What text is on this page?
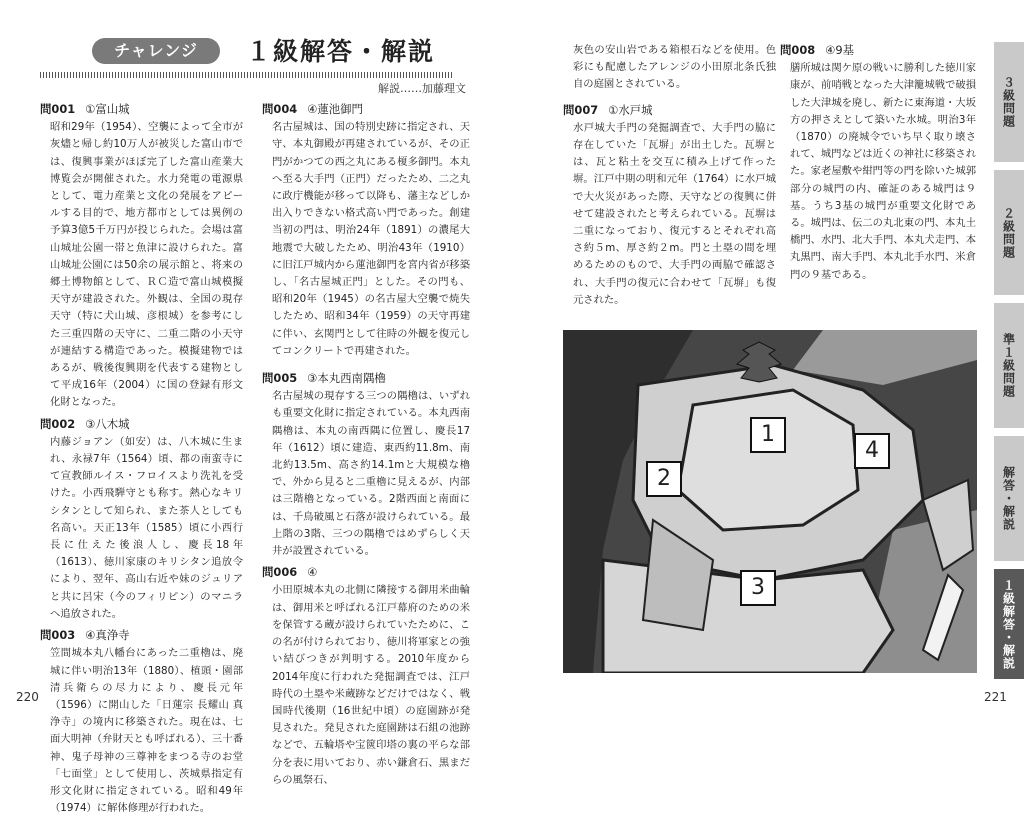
チャレンジ	１級解答・解説
解説……加藤理文
問001 ①富山城
昭和29年（1954）、空襲によって全市が灰燼と帰し約10万人が被災した富山市では、復興事業がほぼ完了した富山産業大博覧会が開催された。水力発電の電源県として、電力産業と文化の発展をアピールする目的で、地方都市としては異例の予算3億5千万円が投じられた。会場は富山城址公園一帯と魚津に設けられた。富山城址公園には50余の展示館と、将来の郷土博物館として、ＲＣ造で富山城模擬天守が建設された。外観は、全国の現存天守（特に犬山城、彦根城）を参考にした三重四階の天守に、二重二階の小天守が連結する構造であった。模擬建物ではあるが、戦後復興期を代表する建物として平成16年（2004）に国の登録有形文化財となった。
問002 ③八木城
内藤ジョアン（如安）は、八木城に生まれ、永禄7年（1564）頃、都の南蛮寺にて宣教師ルイス・フロイスより洗礼を受けた。小西飛騨守とも称す。熱心なキリシタンとして知られ、また茶人としても名高い。天正13年（1585）頃に小西行長に仕えた後浪人し、慶長18年（1613）、徳川家康のキリシタン追放令により、翌年、高山右近や妹のジュリアと共に呂宋（今のフィリピン）のマニラへ追放された。
問003 ④真浄寺
笠間城本丸八幡台にあった二重櫓は、廃城に伴い明治13年（1880）、植頭・園部清兵衛らの尽力により、慶長元年（1596）に開山した「日蓮宗 長耀山 真浄寺」の境内に移築された。現在は、七面大明神（弁財天とも呼ばれる）、三十番神、鬼子母神の三尊神をまつる寺のお堂「七面堂」として使用し、茨城県指定有形文化財に指定されている。昭和49年（1974）に解体修理が行われた。
問004 ④蓮池御門
名古屋城は、国の特別史跡に指定され、天守、本丸御殿が再建されているが、その正門がかつての西之丸にある榎多御門。本丸へ至る大手門（正門）だったため、二之丸に政庁機能が移って以降も、藩主などしか出入りできない格式高い門であった。創建当初の門は、明治24年（1891）の濃尾大地震で大破したため、明治43年（1910）に旧江戸城内から蓮池御門を宮内省が移築し、「名古屋城正門」とした。その門も、昭和20年（1945）の名古屋大空襲で焼失したため、昭和34年（1959）の天守再建に伴い、玄関門として往時の外観を復元してコンクリートで再建された。
問005 ③本丸西南隅櫓
名古屋城の現存する三つの隅櫓は、いずれも重要文化財に指定されている。本丸西南隅櫓は、本丸の南西隅に位置し、慶長17年（1612）頃に建造、東西約11.8m、南北約13.5m、高さ約14.1mと大規模な櫓で、外から見ると二重櫓に見えるが、内部は三階櫓となっている。2階西面と南面には、千鳥破風と石落が設けられている。最上階の3階、三つの隅櫓ではめずらしく天井が設置されている。
問006 ④
小田原城本丸の北側に隣接する御用米曲輪は、御用米と呼ばれる江戸幕府のための米を保管する蔵が設けられていたために、この名が付けられており、徳川将軍家との強い結びつきが判明する。2010年度から2014年度に行われた発掘調査では、江戸時代の土塁や米蔵跡などだけではなく、戦国時代後期（16世紀中頃）の庭園跡が発見された。発見された庭園跡は石組の池跡などで、五輪塔や宝篋印塔の裏の平らな部分を表に用いており、赤い鎌倉石、黒まだらの風祭石、
灰色の安山岩である箱根石などを使用。色彩にも配慮したアレンジの小田原北条氏独自の庭園とされている。
問007 ①水戸城
水戸城大手門の発掘調査で、大手門の脇に存在していた「瓦塀」が出土した。瓦塀とは、瓦と粘土を交互に積み上げて作った塀。江戸中期の明和元年（1764）に水戸城で大火災があった際、天守などの復興に併せて建設されたと考えられている。瓦塀は二重になっており、復元するとそれぞれ高さ約５m、厚さ約２m。門と土塁の間を埋めるためのもので、大手門の両脇で確認され、大手門の復元に合わせて「瓦塀」も復元された。
問008 ④9基
膳所城は関ケ原の戦いに勝利した徳川家康が、前哨戦となった大津籠城戦で破損した大津城を廃し、新たに東海道・大坂方の押さえとして築いた水城。明治3年（1870）の廃城令でいち早く取り壊されて、城門などは近くの神社に移築された。家老屋敷や紺門等の門を除いた城郭部分の城門の内、確証のある城門は９基。うち3基の城門が重要文化財である。城門は、伝二の丸北東の門、本丸土橋門、水門、北大手門、本丸犬走門、本丸黒門、南大手門、本丸北手水門、米倉門の９基である。
1
2
3
4
220	221
３級問題
２級問題
準１級問題
解答・解説
１級解答・解説
